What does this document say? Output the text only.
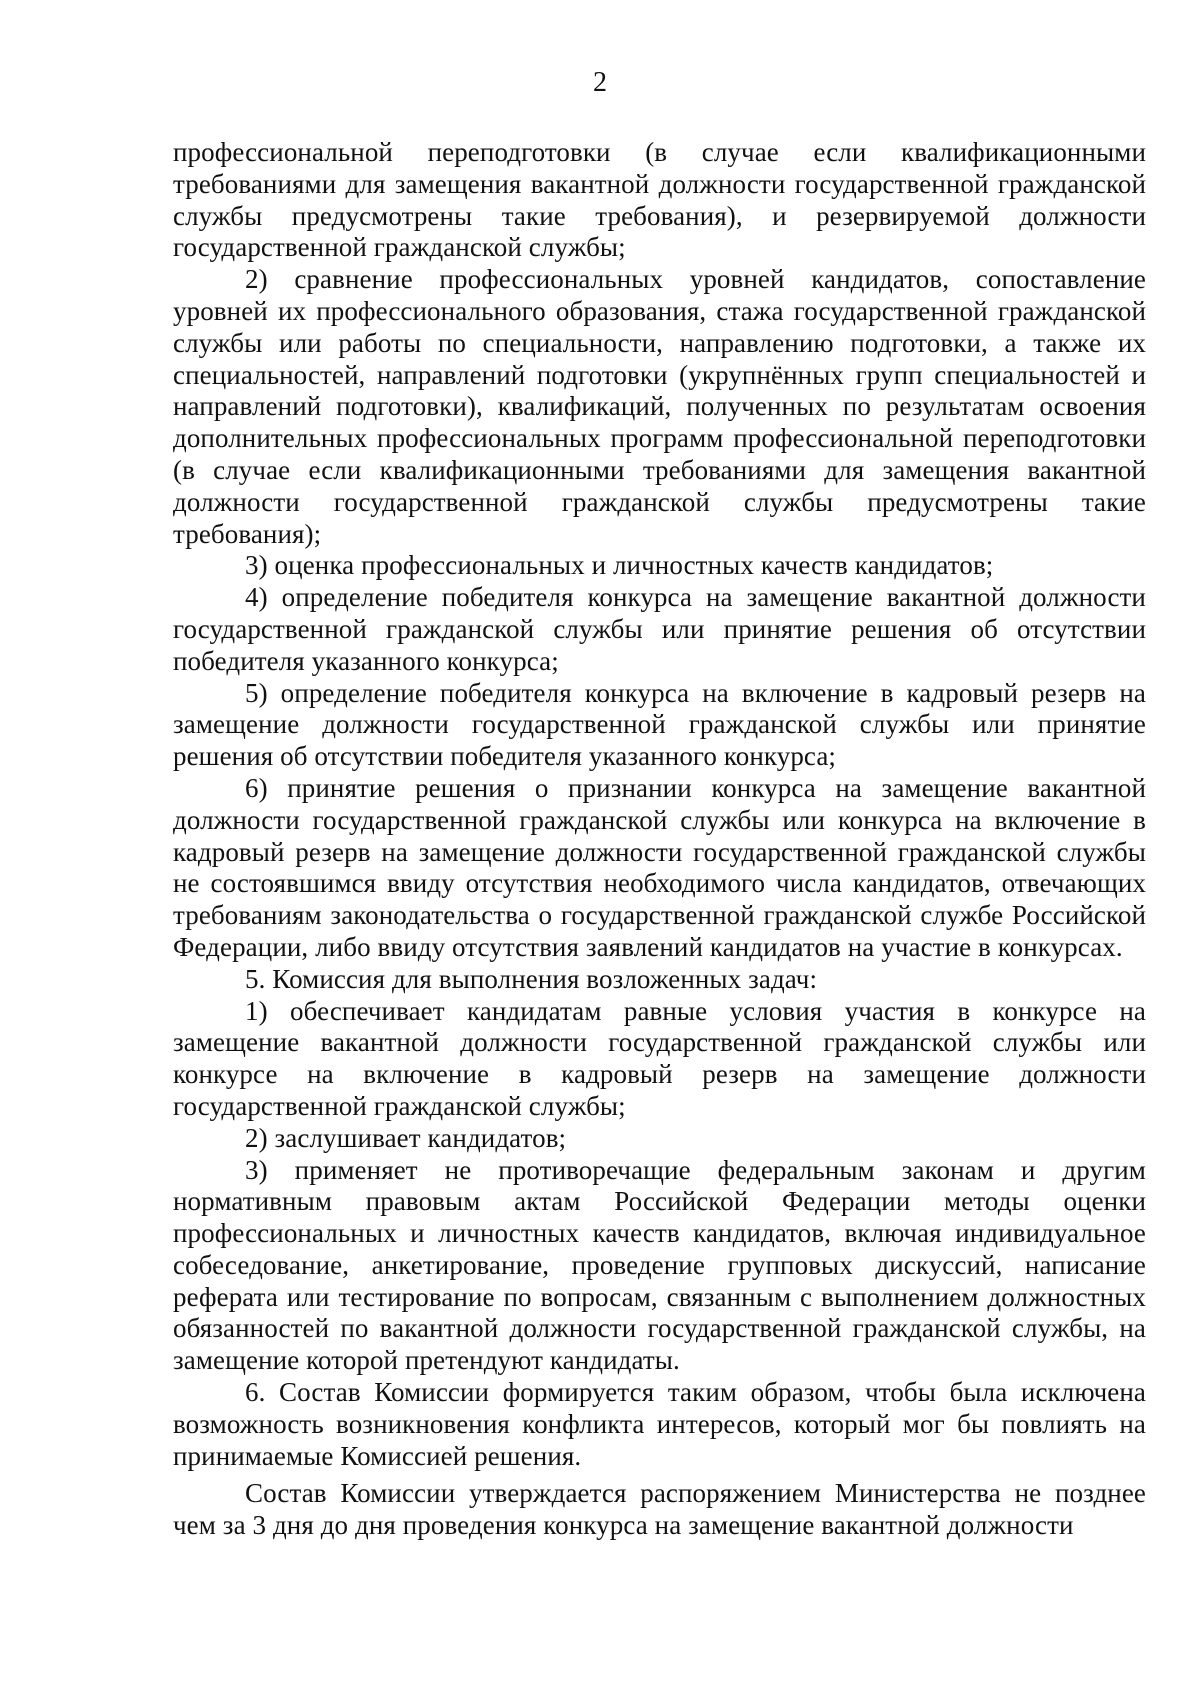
2

профессиональной переподготовки (в случае если квалификационными требованиями для замещения вакантной должности государственной гражданской службы предусмотрены такие требования), и резервируемой должности государственной гражданской службы;

2) сравнение профессиональных уровней кандидатов, сопоставление уровней их профессионального образования, стажа государственной гражданской службы или работы по специальности, направлению подготовки, а также их специальностей, направлений подготовки (укрупнённых групп специальностей и направлений подготовки), квалификаций, полученных по результатам освоения дополнительных профессиональных программ профессиональной переподготовки (в случае если квалификационными требованиями для замещения вакантной должности государственной гражданской службы предусмотрены такие требования);

3) оценка профессиональных и личностных качеств кандидатов;

4) определение победителя конкурса на замещение вакантной должности государственной гражданской службы или принятие решения об отсутствии победителя указанного конкурса;

5) определение победителя конкурса на включение в кадровый резерв на замещение должности государственной гражданской службы или принятие решения об отсутствии победителя указанного конкурса;

6) принятие решения о признании конкурса на замещение вакантной должности государственной гражданской службы или конкурса на включение в кадровый резерв на замещение должности государственной гражданской службы не состоявшимся ввиду отсутствия необходимого числа кандидатов, отвечающих требованиям законодательства о государственной гражданской службе Российской Федерации, либо ввиду отсутствия заявлений кандидатов на участие в конкурсах.

5. Комиссия для выполнения возложенных задач:

1) обеспечивает кандидатам равные условия участия в конкурсе на замещение вакантной должности государственной гражданской службы или конкурсе на включение в кадровый резерв на замещение должности государственной гражданской службы;

2) заслушивает кандидатов;

3) применяет не противоречащие федеральным законам и другим нормативным правовым актам Российской Федерации методы оценки профессиональных и личностных качеств кандидатов, включая индивидуальное собеседование, анкетирование, проведение групповых дискуссий, написание реферата или тестирование по вопросам, связанным с выполнением должностных обязанностей по вакантной должности государственной гражданской службы, на замещение которой претендуют кандидаты.

6. Состав Комиссии формируется таким образом, чтобы была исключена возможность возникновения конфликта интересов, который мог бы повлиять на принимаемые Комиссией решения.

Состав Комиссии утверждается распоряжением Министерства не позднее чем за 3 дня до дня проведения конкурса на замещение вакантной должности
